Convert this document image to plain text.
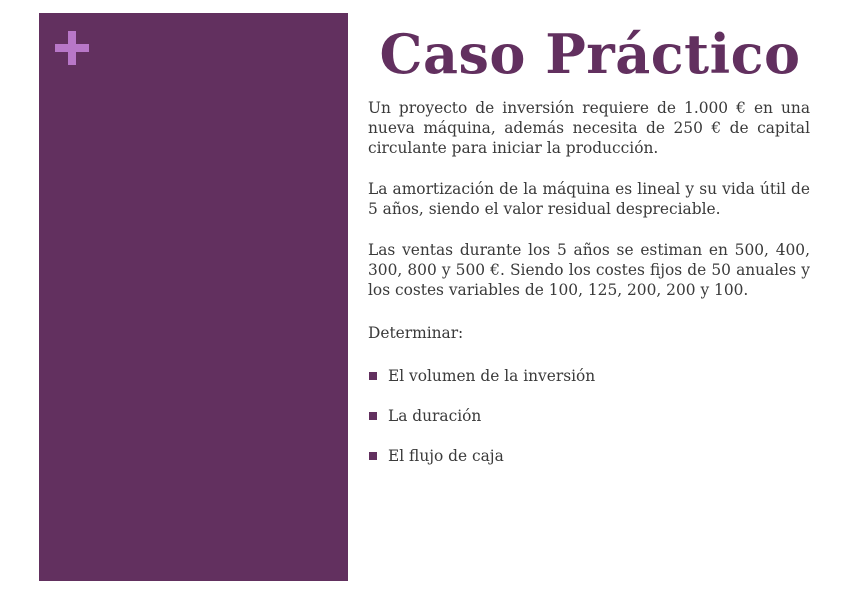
Caso Práctico

Un proyecto de inversión requiere de 1.000 € en una nueva máquina, además necesita de 250 € de capital circulante para iniciar la producción.

La amortización de la máquina es lineal y su vida útil de 5 años, siendo el valor residual despreciable.

Las ventas durante los 5 años se estiman en 500, 400, 300, 800 y 500 €. Siendo los costes fijos de 50 anuales y los costes variables de 100, 125, 200, 200 y 100.

Determinar:

El volumen de la inversión
La duración
El flujo de caja
